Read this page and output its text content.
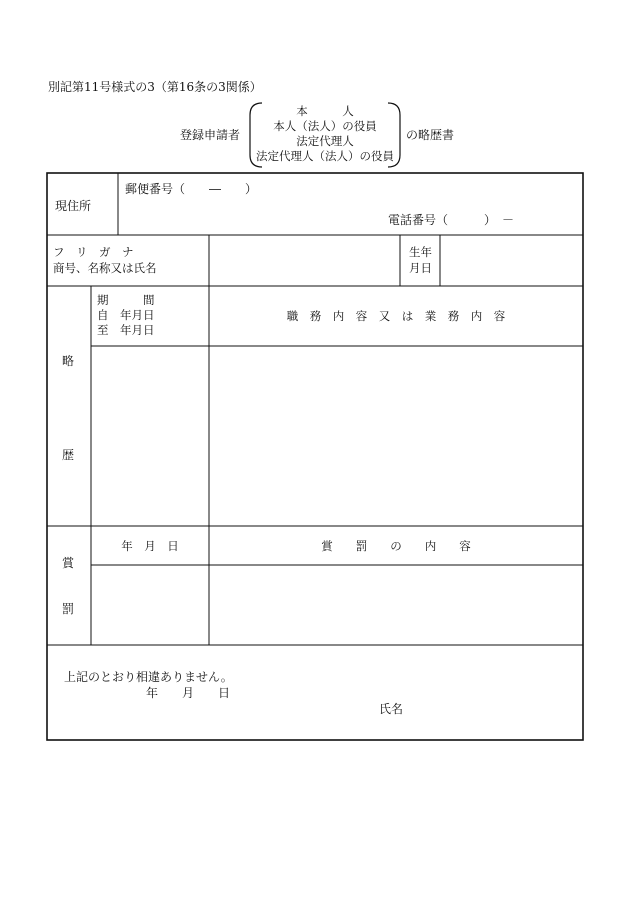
別記第11号様式の3（第16条の3関係）
登録申請者
本　　　人
本人（法人）の役員
法定代理人
法定代理人（法人）の役員
の略歴書
現住所
郵便番号（　　―　　）
電話番号（　　　）　－
フ　リ　ガ　ナ
商号、名称又は氏名
生年
月日
略
歴
期　　　間
自　年月日
至　年月日
職　務　内　容　又　は　業　務　内　容
賞
罰
年　月　日	賞　　罰　　の　　内　　容
上記のとおり相違ありません。
年　　月　　日
氏名
